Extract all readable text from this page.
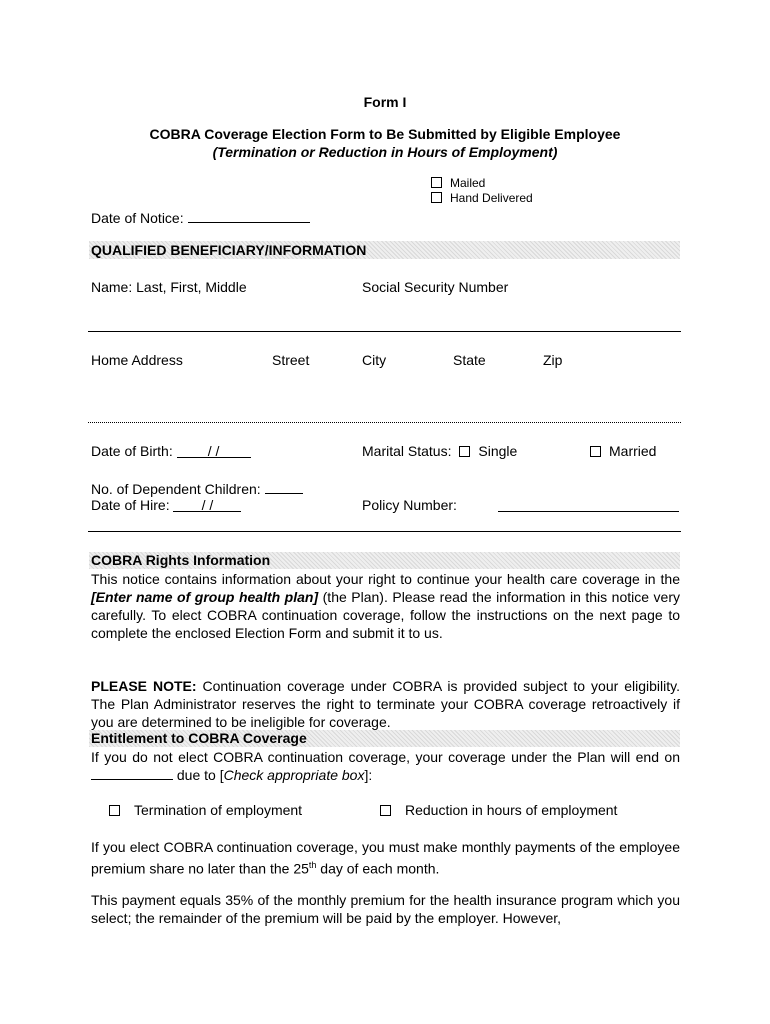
Form I
COBRA Coverage Election Form to Be Submitted by Eligible Employee
(Termination or Reduction in Hours of Employment)
Mailed
Hand Delivered
Date of Notice:
QUALIFIED BENEFICIARY/INFORMATION
Name: Last, First, Middle	Social Security Number
Home Address	Street	City	State	Zip
Date of Birth:	/ /	Marital Status: Single	Married
No. of Dependent Children:
Date of Hire: / /	Policy Number:
COBRA Rights Information
This notice contains information about your right to continue your health care coverage in the [Enter name of group health plan] (the Plan). Please read the information in this notice very carefully. To elect COBRA continuation coverage, follow the instructions on the next page to complete the enclosed Election Form and submit it to us.
PLEASE NOTE: Continuation coverage under COBRA is provided subject to your eligibility. The Plan Administrator reserves the right to terminate your COBRA coverage retroactively if you are determined to be ineligible for coverage.
Entitlement to COBRA Coverage
If you do not elect COBRA continuation coverage, your coverage under the Plan will end on  due to [Check appropriate box]:
Termination of employment	Reduction in hours of employment
If you elect COBRA continuation coverage, you must make monthly payments of the employee premium share no later than the 25th day of each month.
This payment equals 35% of the monthly premium for the health insurance program which you select; the remainder of the premium will be paid by the employer. However,
